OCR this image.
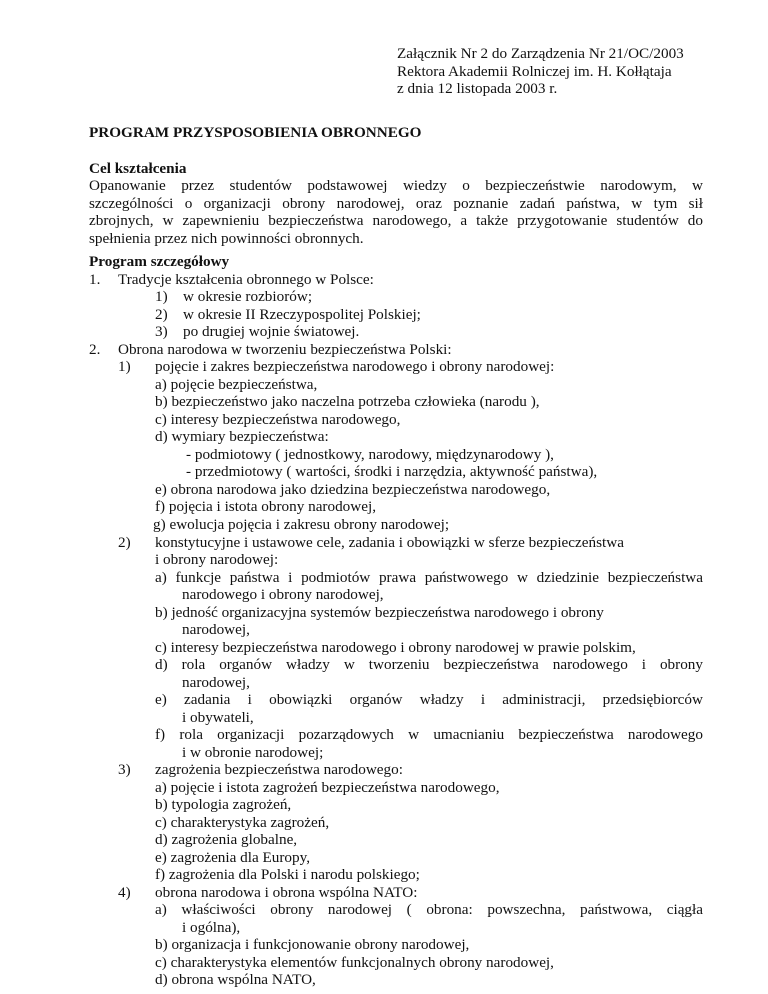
Załącznik Nr 2 do Zarządzenia Nr 21/OC/2003
Rektora Akademii Rolniczej im. H. Kołłątaja
z dnia 12 listopada 2003 r.
PROGRAM PRZYSPOSOBIENIA OBRONNEGO
Cel kształcenia
Opanowanie przez studentów podstawowej wiedzy o bezpieczeństwie narodowym, w
szczególności o organizacji obrony narodowej, oraz poznanie zadań państwa, w tym sił
zbrojnych, w zapewnieniu bezpieczeństwa narodowego, a także przygotowanie studentów do
spełnienia przez nich powinności obronnych.
Program szczegółowy
1. Tradycje kształcenia obronnego w Polsce:
1) w okresie rozbiorów;
2) w okresie II Rzeczypospolitej Polskiej;
3) po drugiej wojnie światowej.
2. Obrona narodowa w tworzeniu bezpieczeństwa Polski:
1) pojęcie i zakres bezpieczeństwa narodowego i obrony narodowej:
a) pojęcie bezpieczeństwa,
b) bezpieczeństwo jako naczelna potrzeba człowieka (narodu ),
c) interesy bezpieczeństwa narodowego,
d) wymiary bezpieczeństwa:
- podmiotowy ( jednostkowy, narodowy, międzynarodowy ),
- przedmiotowy ( wartości, środki i narzędzia, aktywność państwa),
e) obrona narodowa jako dziedzina bezpieczeństwa narodowego,
f) pojęcia i istota obrony narodowej,
g) ewolucja pojęcia i zakresu obrony narodowej;
2) konstytucyjne i ustawowe cele, zadania i obowiązki w sferze bezpieczeństwa
i obrony narodowej:
a) funkcje państwa i podmiotów prawa państwowego w dziedzinie bezpieczeństwa
narodowego i obrony narodowej,
b) jedność organizacyjna systemów bezpieczeństwa narodowego i obrony
narodowej,
c) interesy bezpieczeństwa narodowego i obrony narodowej w prawie polskim,
d) rola organów władzy w tworzeniu bezpieczeństwa narodowego i obrony
narodowej,
e) zadania i obowiązki organów władzy i administracji, przedsiębiorców
i obywateli,
f) rola organizacji pozarządowych w umacnianiu bezpieczeństwa narodowego
i w obronie narodowej;
3) zagrożenia bezpieczeństwa narodowego:
a) pojęcie i istota zagrożeń bezpieczeństwa narodowego,
b) typologia zagrożeń,
c) charakterystyka zagrożeń,
d) zagrożenia globalne,
e) zagrożenia dla Europy,
f) zagrożenia dla Polski i narodu polskiego;
4) obrona narodowa i obrona wspólna NATO:
a) właściwości obrony narodowej ( obrona: powszechna, państwowa, ciągła
i ogólna),
b) organizacja i funkcjonowanie obrony narodowej,
c) charakterystyka elementów funkcjonalnych obrony narodowej,
d) obrona wspólna NATO,
